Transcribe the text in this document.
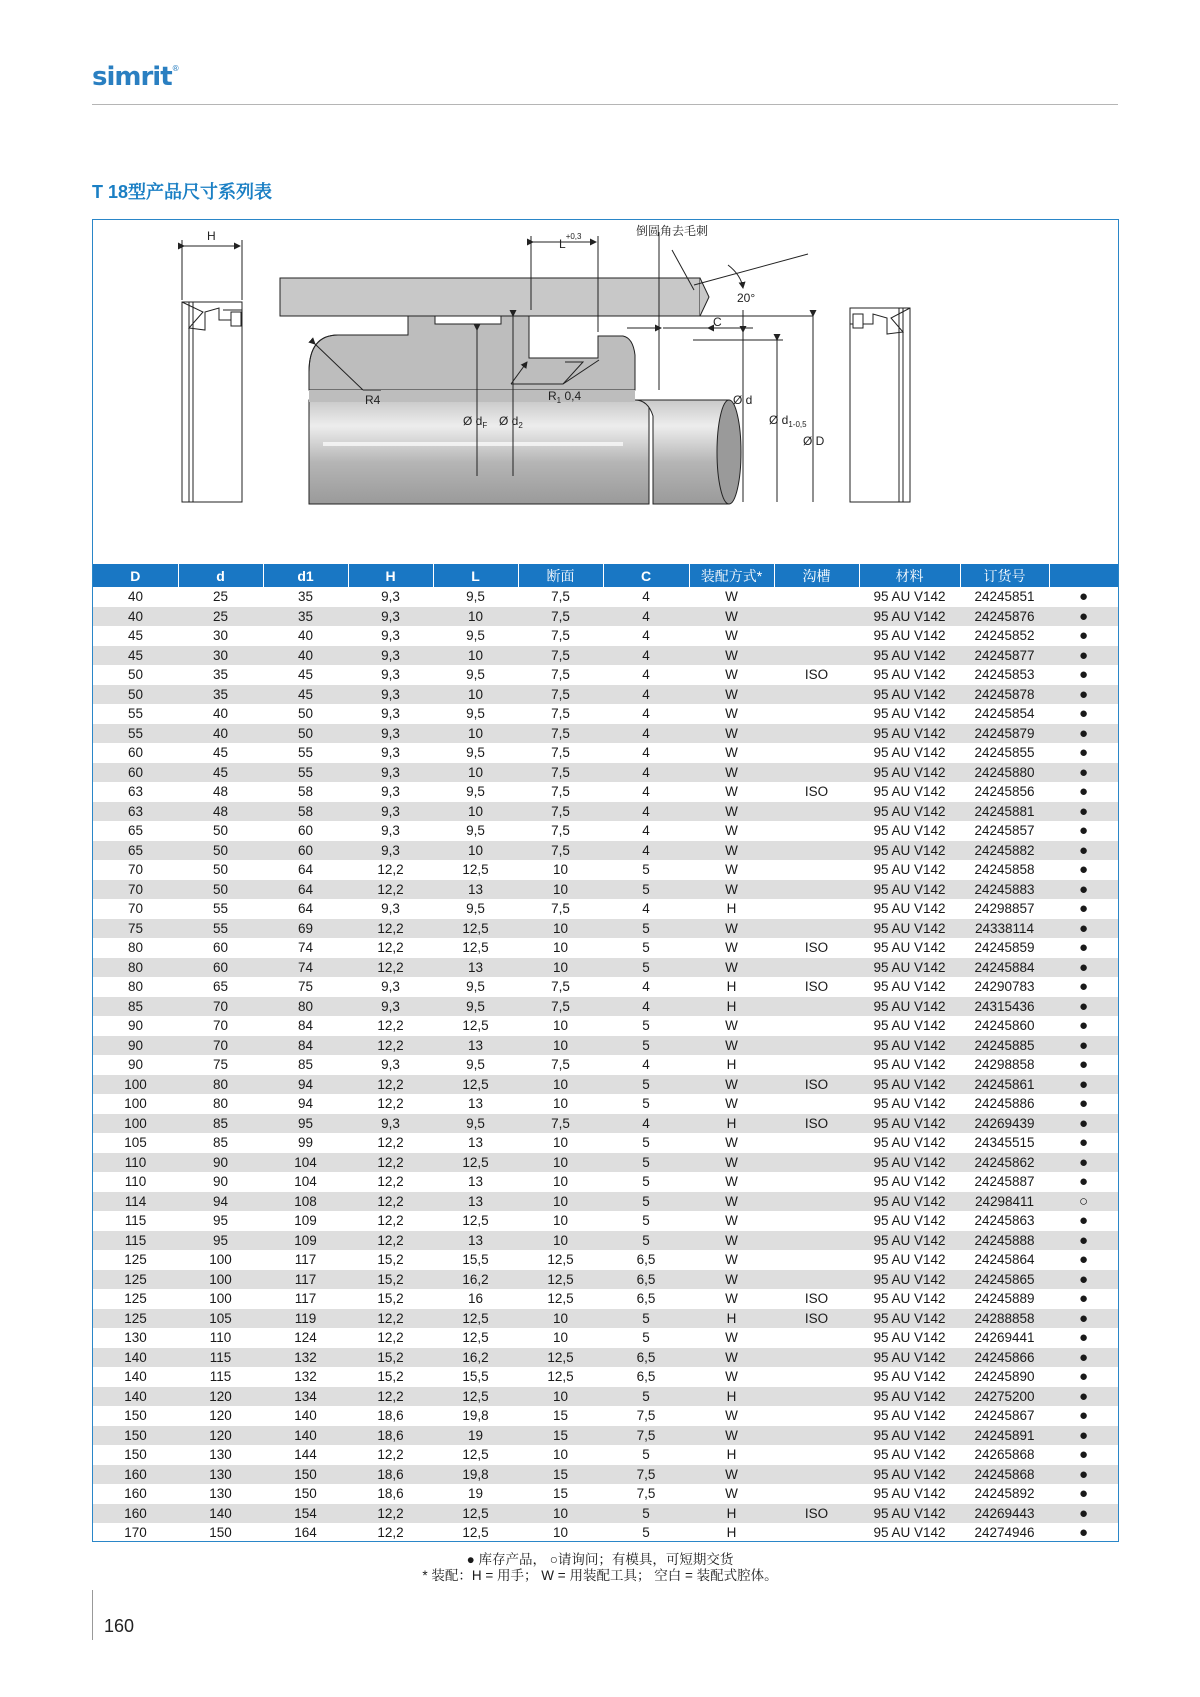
simrit®
T 18型产品尺寸系列表
H
$L^{+0,3}$	倒圆角去毛刺
20°
C
R4	$R_1$ 0,4
Ø $d_F$ Ø $d_2$
Ø d
Ø $d_{1-0,5}$
Ø D
D	d	d1	H	L	断面	C	装配方式*	沟槽	材料	订货号	
40	25	35	9,3	9,5	7,5	4	W		95 AU V142	24245851	●
40	25	35	9,3	10	7,5	4	W		95 AU V142	24245876	●
45	30	40	9,3	9,5	7,5	4	W		95 AU V142	24245852	●
45	30	40	9,3	10	7,5	4	W		95 AU V142	24245877	●
50	35	45	9,3	9,5	7,5	4	W	ISO	95 AU V142	24245853	●
50	35	45	9,3	10	7,5	4	W		95 AU V142	24245878	●
55	40	50	9,3	9,5	7,5	4	W		95 AU V142	24245854	●
55	40	50	9,3	10	7,5	4	W		95 AU V142	24245879	●
60	45	55	9,3	9,5	7,5	4	W		95 AU V142	24245855	●
60	45	55	9,3	10	7,5	4	W		95 AU V142	24245880	●
63	48	58	9,3	9,5	7,5	4	W	ISO	95 AU V142	24245856	●
63	48	58	9,3	10	7,5	4	W		95 AU V142	24245881	●
65	50	60	9,3	9,5	7,5	4	W		95 AU V142	24245857	●
65	50	60	9,3	10	7,5	4	W		95 AU V142	24245882	●
70	50	64	12,2	12,5	10	5	W		95 AU V142	24245858	●
70	50	64	12,2	13	10	5	W		95 AU V142	24245883	●
70	55	64	9,3	9,5	7,5	4	H		95 AU V142	24298857	●
75	55	69	12,2	12,5	10	5	W		95 AU V142	24338114	●
80	60	74	12,2	12,5	10	5	W	ISO	95 AU V142	24245859	●
80	60	74	12,2	13	10	5	W		95 AU V142	24245884	●
80	65	75	9,3	9,5	7,5	4	H	ISO	95 AU V142	24290783	●
85	70	80	9,3	9,5	7,5	4	H		95 AU V142	24315436	●
90	70	84	12,2	12,5	10	5	W		95 AU V142	24245860	●
90	70	84	12,2	13	10	5	W		95 AU V142	24245885	●
90	75	85	9,3	9,5	7,5	4	H		95 AU V142	24298858	●
100	80	94	12,2	12,5	10	5	W	ISO	95 AU V142	24245861	●
100	80	94	12,2	13	10	5	W		95 AU V142	24245886	●
100	85	95	9,3	9,5	7,5	4	H	ISO	95 AU V142	24269439	●
105	85	99	12,2	13	10	5	W		95 AU V142	24345515	●
110	90	104	12,2	12,5	10	5	W		95 AU V142	24245862	●
110	90	104	12,2	13	10	5	W		95 AU V142	24245887	●
114	94	108	12,2	13	10	5	W		95 AU V142	24298411	○
115	95	109	12,2	12,5	10	5	W		95 AU V142	24245863	●
115	95	109	12,2	13	10	5	W		95 AU V142	24245888	●
125	100	117	15,2	15,5	12,5	6,5	W		95 AU V142	24245864	●
125	100	117	15,2	16,2	12,5	6,5	W		95 AU V142	24245865	●
125	100	117	15,2	16	12,5	6,5	W	ISO	95 AU V142	24245889	●
125	105	119	12,2	12,5	10	5	H	ISO	95 AU V142	24288858	●
130	110	124	12,2	12,5	10	5	W		95 AU V142	24269441	●
140	115	132	15,2	16,2	12,5	6,5	W		95 AU V142	24245866	●
140	115	132	15,2	15,5	12,5	6,5	W		95 AU V142	24245890	●
140	120	134	12,2	12,5	10	5	H		95 AU V142	24275200	●
150	120	140	18,6	19,8	15	7,5	W		95 AU V142	24245867	●
150	120	140	18,6	19	15	7,5	W		95 AU V142	24245891	●
150	130	144	12,2	12,5	10	5	H		95 AU V142	24265868	●
160	130	150	18,6	19,8	15	7,5	W		95 AU V142	24245868	●
160	130	150	18,6	19	15	7,5	W		95 AU V142	24245892	●
160	140	154	12,2	12,5	10	5	H	ISO	95 AU V142	24269443	●
170	150	164	12,2	12,5	10	5	H		95 AU V142	24274946	●
● 库存产品， ○请询问；有模具，可短期交货
* 装配：H = 用手； W = 用装配工具； 空白 = 装配式腔体。
160
